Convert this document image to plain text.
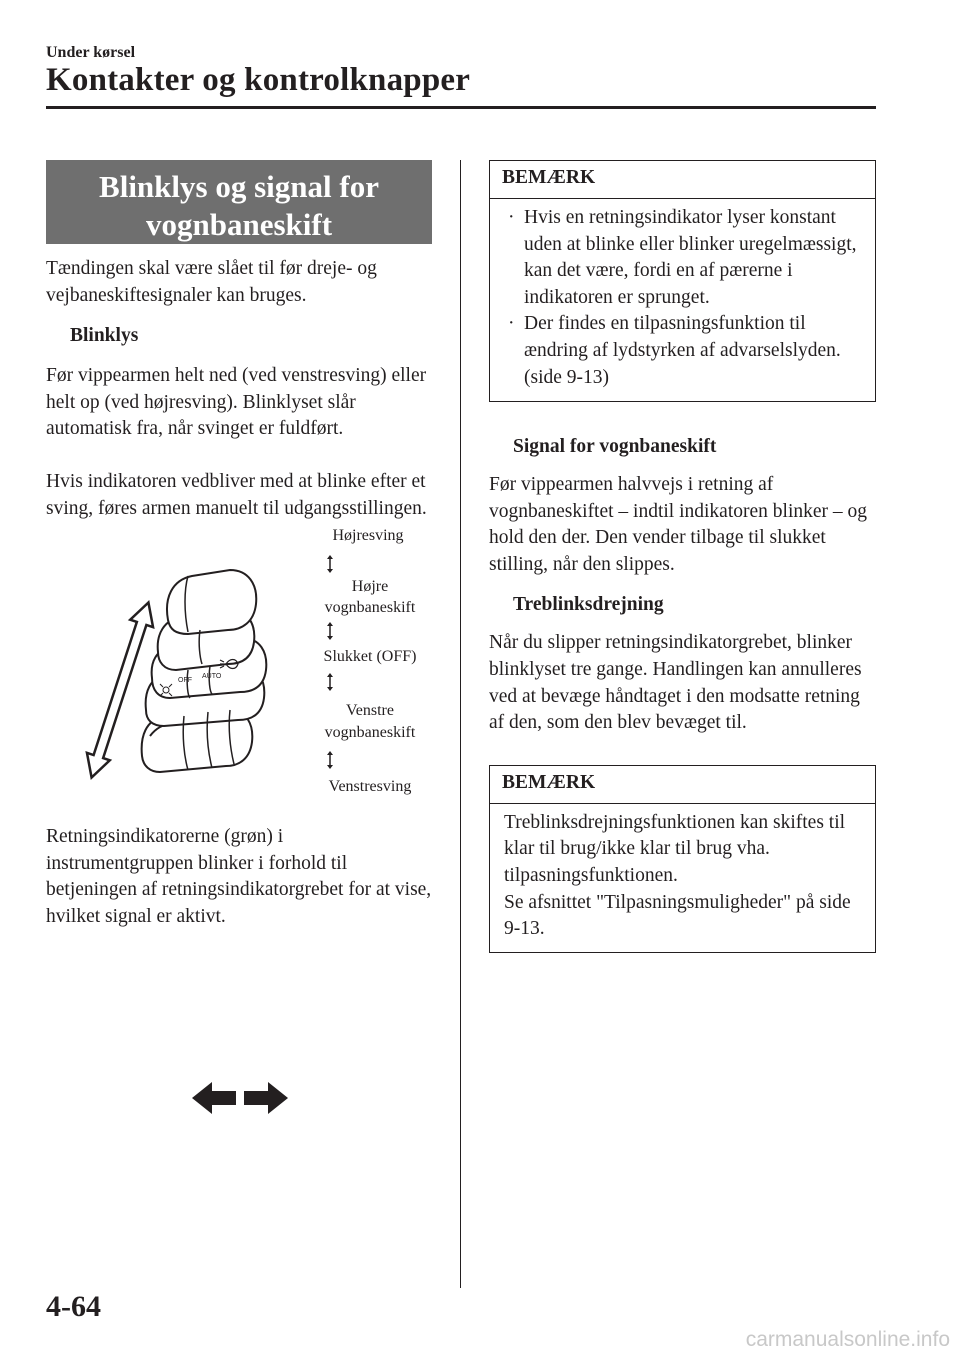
Under kørsel
Kontakter og kontrolknapper
Blinklys og signal for
vognbaneskift

Tændingen skal være slået til før dreje- og vejbaneskiftesignaler kan bruges.

Blinklys

Før vippearmen helt ned (ved venstresving) eller helt op (ved højresving). Blinklyset slår automatisk fra, når svinget er fuldført.

Hvis indikatoren vedbliver med at blinke efter et sving, føres armen manuelt til udgangsstillingen.

OFF
AUTO
Højresving
Højre
vognbaneskift
Slukket (OFF)
Venstre
vognbaneskift
Venstresving

Retningsindikatorerne (grøn) i instrumentgruppen blinker i forhold til betjeningen af retningsindikatorgrebet for at vise, hvilket signal er aktivt.

BEMÆRK
· Hvis en retningsindikator lyser konstant uden at blinke eller blinker uregelmæssigt, kan det være, fordi en af pærerne i indikatoren er sprunget.
· Der findes en tilpasningsfunktion til ændring af lydstyrken af advarselslyden. (side 9-13)
Signal for vognbaneskift

Før vippearmen halvvejs i retning af vognbaneskiftet – indtil indikatoren blinker – og hold den der. Den vender tilbage til slukket stilling, når den slippes.

Treblinksdrejning

Når du slipper retningsindikatorgrebet, blinker blinklyset tre gange. Handlingen kan annulleres ved at bevæge håndtaget i den modsatte retning af den, som den blev bevæget til.

BEMÆRK

Treblinksdrejningsfunktionen kan skiftes til klar til brug/ikke klar til brug vha. tilpasningsfunktionen.

Se afsnittet "Tilpasningsmuligheder" på side 9-13.

4-64
carmanualsonline.info
